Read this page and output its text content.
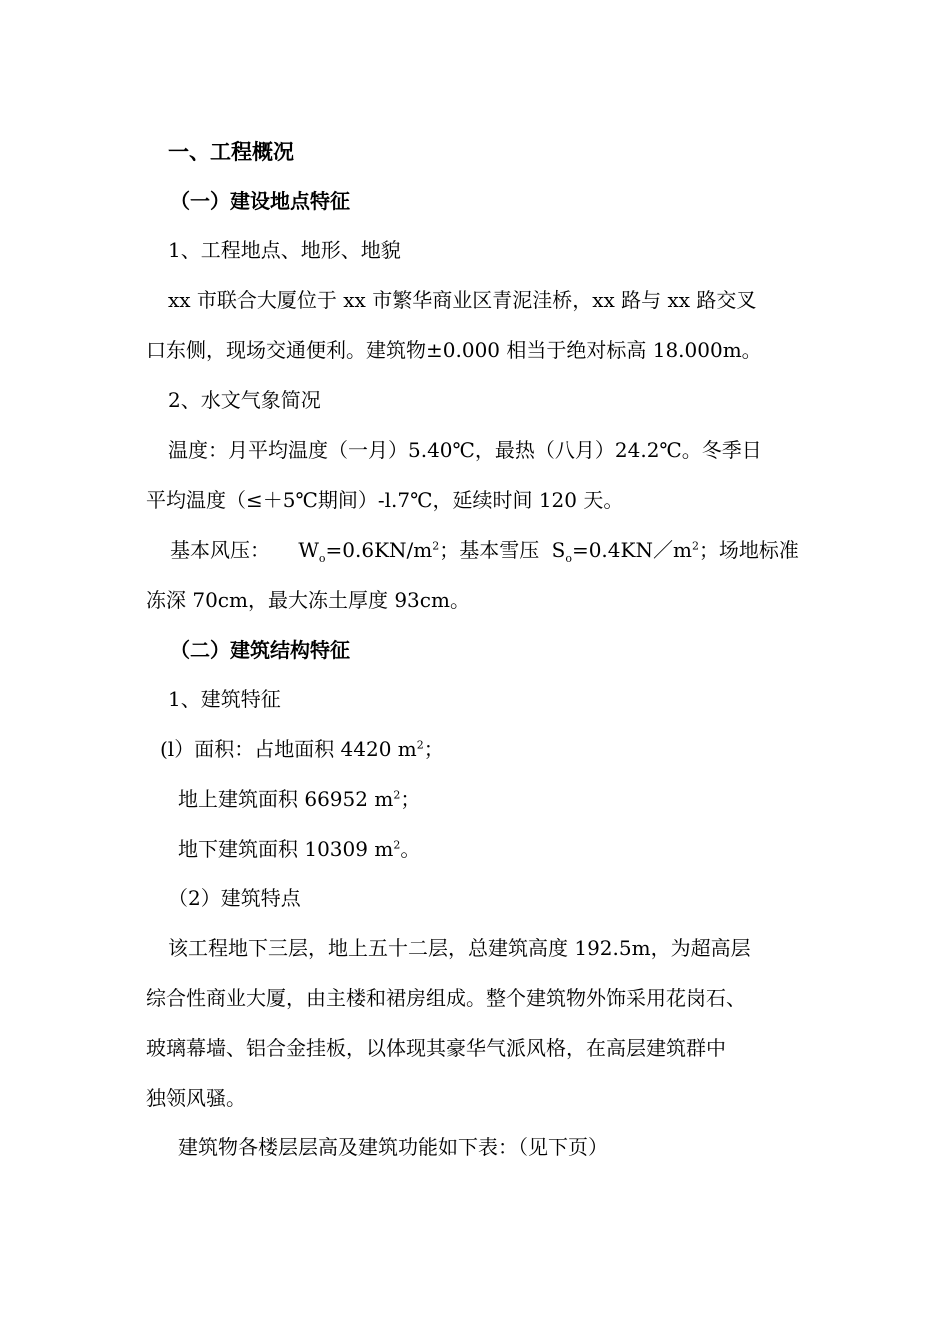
一、工程概况
（一）建设地点特征
1、工程地点、地形、地貌
xx 市联合大厦位于 xx 市繁华商业区青泥洼桥，xx 路与 xx 路交叉
口东侧，现场交通便利。建筑物±0.000 相当于绝对标高 18.000m。
2、水文气象简况
温度：月平均温度（一月）5.40℃，最热（八月）24.2℃。冬季日
平均温度（≤＋5℃期间）-l.7℃，延续时间 120 天。
基本风压： $W_o=0.6KN/m^2$；基本雪压 $S_o=0.4KN/m^2$；场地标准
冻深 70cm，最大冻土厚度 93cm。
（二）建筑结构特征
1、建筑特征
(l）面积：占地面积 4420 $m^2$；
地上建筑面积 66952 $m^2$；
地下建筑面积 10309 $m^2$。
（2）建筑特点
该工程地下三层，地上五十二层，总建筑高度 192.5m，为超高层
综合性商业大厦，由主楼和裙房组成。整个建筑物外饰采用花岗石、
玻璃幕墙、铝合金挂板，以体现其豪华气派风格，在高层建筑群中
独领风骚。
建筑物各楼层层高及建筑功能如下表：（见下页）
